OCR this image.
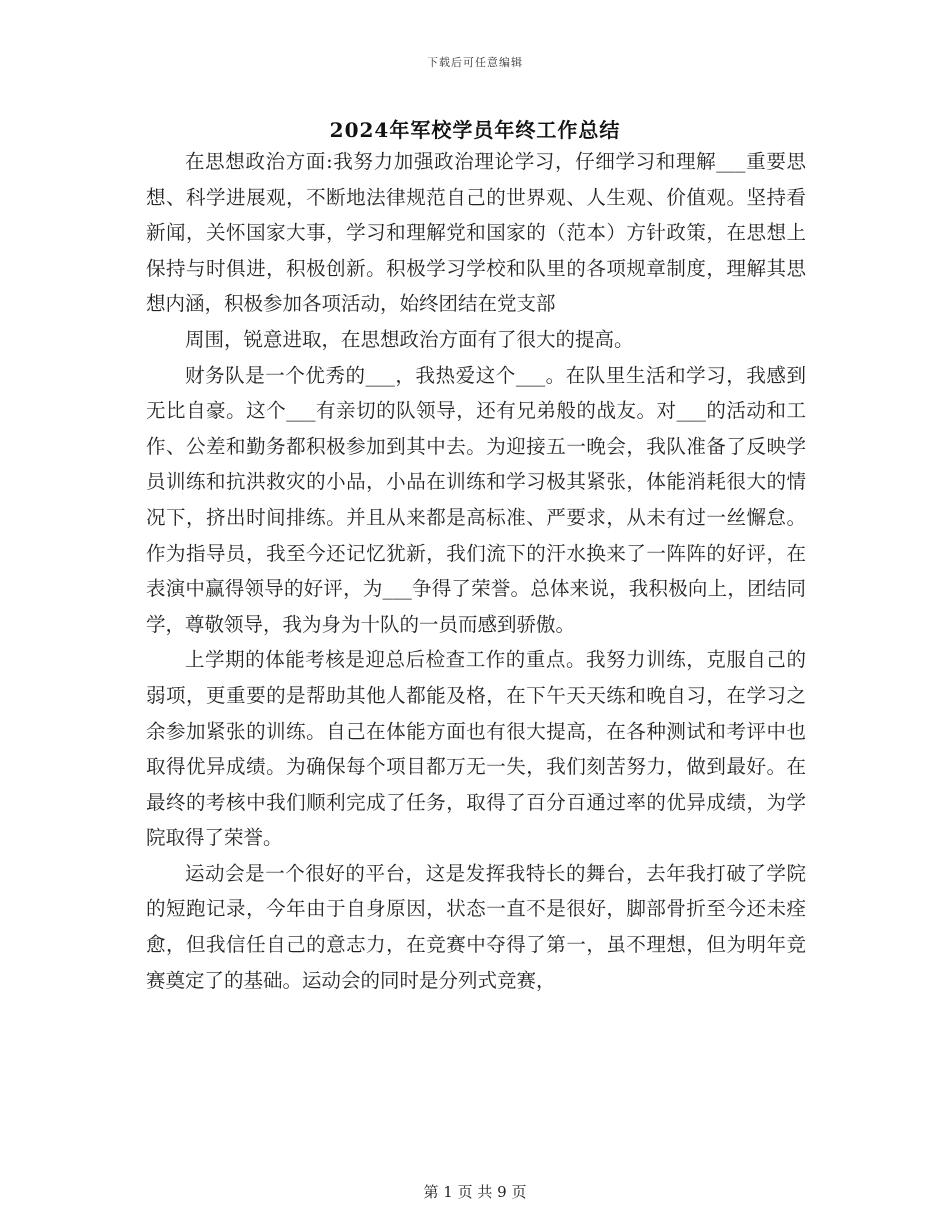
下载后可任意编辑
2024年军校学员年终工作总结

在思想政治方面:我努力加强政治理论学习，仔细学习和理解___重要思想、科学进展观，不断地法律规范自己的世界观、人生观、价值观。坚持看新闻，关怀国家大事，学习和理解党和国家的（范本）方针政策，在思想上保持与时俱进，积极创新。积极学习学校和队里的各项规章制度，理解其思想内涵，积极参加各项活动，始终团结在党支部

周围，锐意进取，在思想政治方面有了很大的提高。

财务队是一个优秀的___，我热爱这个___。在队里生活和学习，我感到无比自豪。这个___有亲切的队领导，还有兄弟般的战友。对___的活动和工作、公差和勤务都积极参加到其中去。为迎接五一晚会，我队准备了反映学员训练和抗洪救灾的小品，小品在训练和学习极其紧张，体能消耗很大的情况下，挤出时间排练。并且从来都是高标准、严要求，从未有过一丝懈怠。作为指导员，我至今还记忆犹新，我们流下的汗水换来了一阵阵的好评，在表演中赢得领导的好评，为___争得了荣誉。总体来说，我积极向上，团结同学，尊敬领导，我为身为十队的一员而感到骄傲。

上学期的体能考核是迎总后检查工作的重点。我努力训练，克服自己的弱项，更重要的是帮助其他人都能及格，在下午天天练和晚自习，在学习之余参加紧张的训练。自己在体能方面也有很大提高，在各种测试和考评中也取得优异成绩。为确保每个项目都万无一失，我们刻苦努力，做到最好。在最终的考核中我们顺利完成了任务，取得了百分百通过率的优异成绩，为学院取得了荣誉。

运动会是一个很好的平台，这是发挥我特长的舞台，去年我打破了学院的短跑记录，今年由于自身原因，状态一直不是很好，脚部骨折至今还未痊愈，但我信任自己的意志力，在竞赛中夺得了第一，虽不理想，但为明年竞赛奠定了的基础。运动会的同时是分列式竞赛，

第 1 页 共 9 页
